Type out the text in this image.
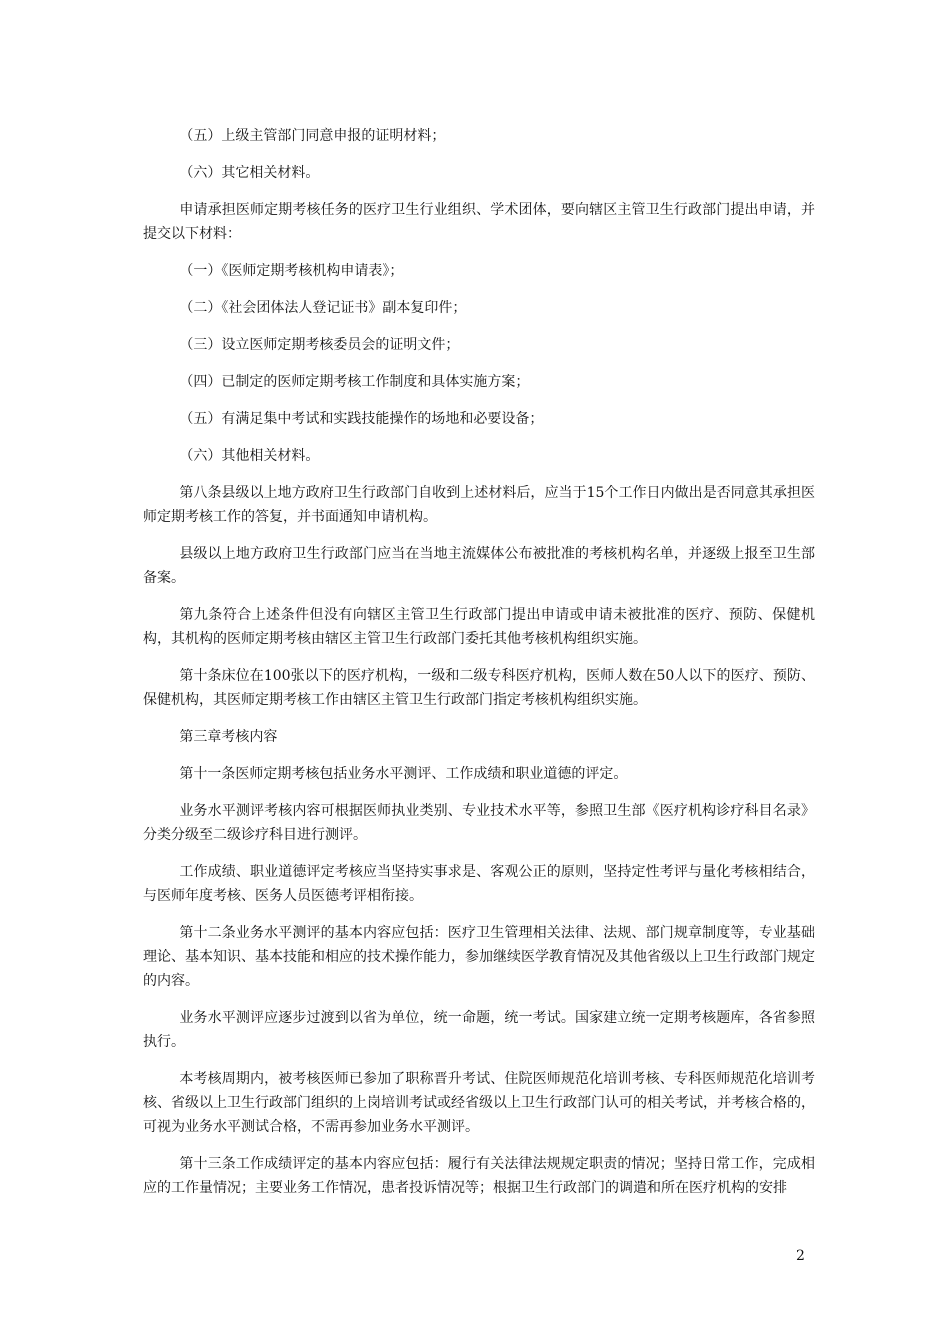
（五）上级主管部门同意申报的证明材料；

（六）其它相关材料。

申请承担医师定期考核任务的医疗卫生行业组织、学术团体，要向辖区主管卫生行政部门提出申请，并提交以下材料：

（一）《医师定期考核机构申请表》；

（二）《社会团体法人登记证书》副本复印件；

（三）设立医师定期考核委员会的证明文件；

（四）已制定的医师定期考核工作制度和具体实施方案；

（五）有满足集中考试和实践技能操作的场地和必要设备；

（六）其他相关材料。

第八条县级以上地方政府卫生行政部门自收到上述材料后，应当于15个工作日内做出是否同意其承担医师定期考核工作的答复，并书面通知申请机构。

县级以上地方政府卫生行政部门应当在当地主流媒体公布被批准的考核机构名单，并逐级上报至卫生部备案。

第九条符合上述条件但没有向辖区主管卫生行政部门提出申请或申请未被批准的医疗、预防、保健机构，其机构的医师定期考核由辖区主管卫生行政部门委托其他考核机构组织实施。

第十条床位在100张以下的医疗机构，一级和二级专科医疗机构，医师人数在50人以下的医疗、预防、保健机构，其医师定期考核工作由辖区主管卫生行政部门指定考核机构组织实施。

第三章考核内容

第十一条医师定期考核包括业务水平测评、工作成绩和职业道德的评定。

业务水平测评考核内容可根据医师执业类别、专业技术水平等，参照卫生部《医疗机构诊疗科目名录》分类分级至二级诊疗科目进行测评。

工作成绩、职业道德评定考核应当坚持实事求是、客观公正的原则，坚持定性考评与量化考核相结合，与医师年度考核、医务人员医德考评相衔接。

第十二条业务水平测评的基本内容应包括：医疗卫生管理相关法律、法规、部门规章制度等，专业基础理论、基本知识、基本技能和相应的技术操作能力，参加继续医学教育情况及其他省级以上卫生行政部门规定的内容。

业务水平测评应逐步过渡到以省为单位，统一命题，统一考试。国家建立统一定期考核题库，各省参照执行。

本考核周期内，被考核医师已参加了职称晋升考试、住院医师规范化培训考核、专科医师规范化培训考核、省级以上卫生行政部门组织的上岗培训考试或经省级以上卫生行政部门认可的相关考试，并考核合格的，可视为业务水平测试合格，不需再参加业务水平测评。

第十三条工作成绩评定的基本内容应包括：履行有关法律法规规定职责的情况；坚持日常工作，完成相应的工作量情况；主要业务工作情况，患者投诉情况等；根据卫生行政部门的调遣和所在医疗机构的安排

2
